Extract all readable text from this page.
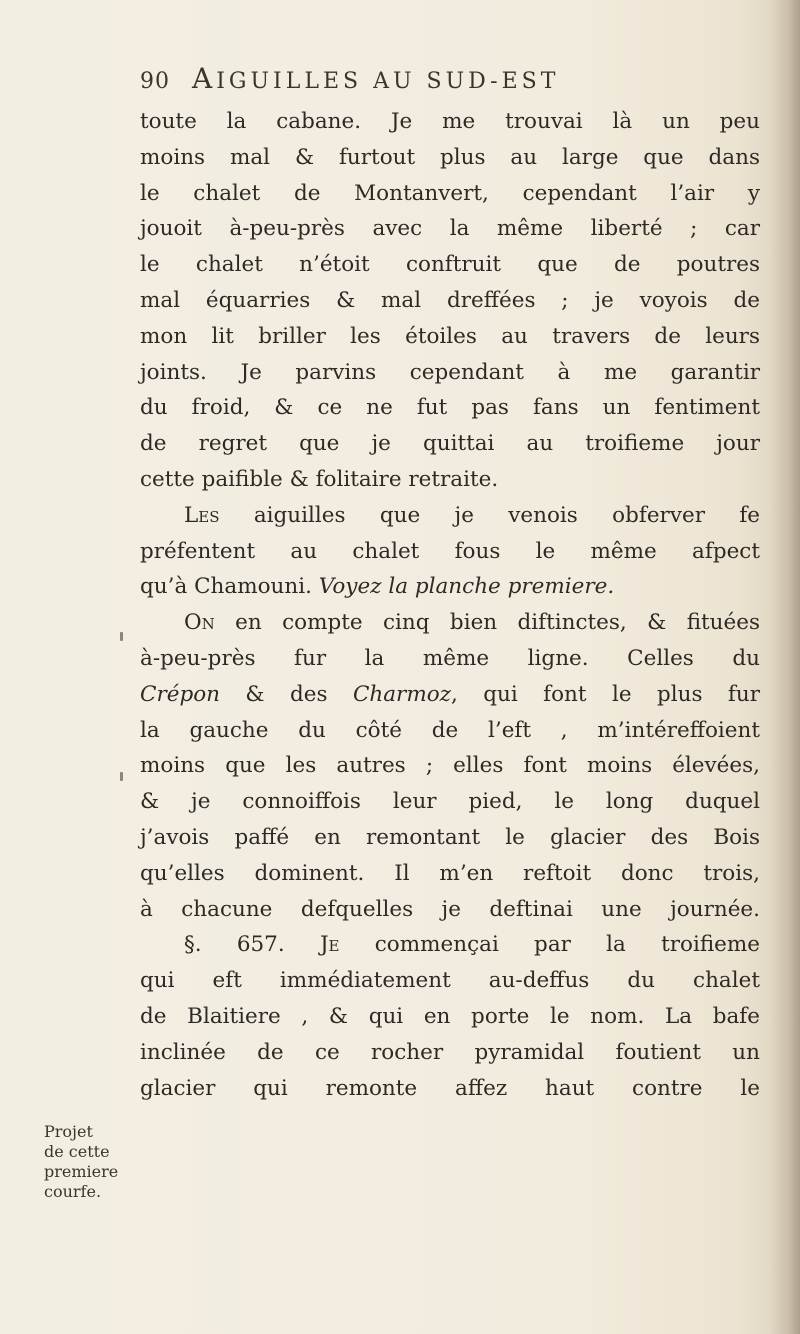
90 AIGUILLES AU SUD-EST
toute la cabane. Je me trouvai là un peu
moins mal & furtout plus au large que dans
le chalet de Montanvert, cependant l’air y
jouoit à-peu-près avec la même liberté ; car
le chalet n’étoit conftruit que de poutres
mal équarries & mal dreffées ; je voyois de
mon lit briller les étoiles au travers de leurs
joints. Je parvins cependant à me garantir
du froid, & ce ne fut pas fans un fentiment
de regret que je quittai au troifieme jour
cette paifible & folitaire retraite.
Les aiguilles que je venois obferver fe
préfentent au chalet fous le même afpect
qu’à Chamouni. Voyez la planche premiere.
On en compte cinq bien diftinctes, & fituées
à-peu-près fur la même ligne. Celles du
Crépon & des Charmoz, qui font le plus fur
la gauche du côté de l’eft , m’intéreffoient
moins que les autres ; elles font moins élevées,
& je connoiffois leur pied, le long duquel
j’avois paffé en remontant le glacier des Bois
qu’elles dominent. Il m’en reftoit donc trois,
à chacune defquelles je deftinai une journée.
§. 657. Je commençai par la troifieme
qui eft immédiatement au-deffus du chalet
de Blaitiere , & qui en porte le nom. La bafe
inclinée de ce rocher pyramidal foutient un
glacier qui remonte affez haut contre le
Projet
de cette
premiere
courfe.
